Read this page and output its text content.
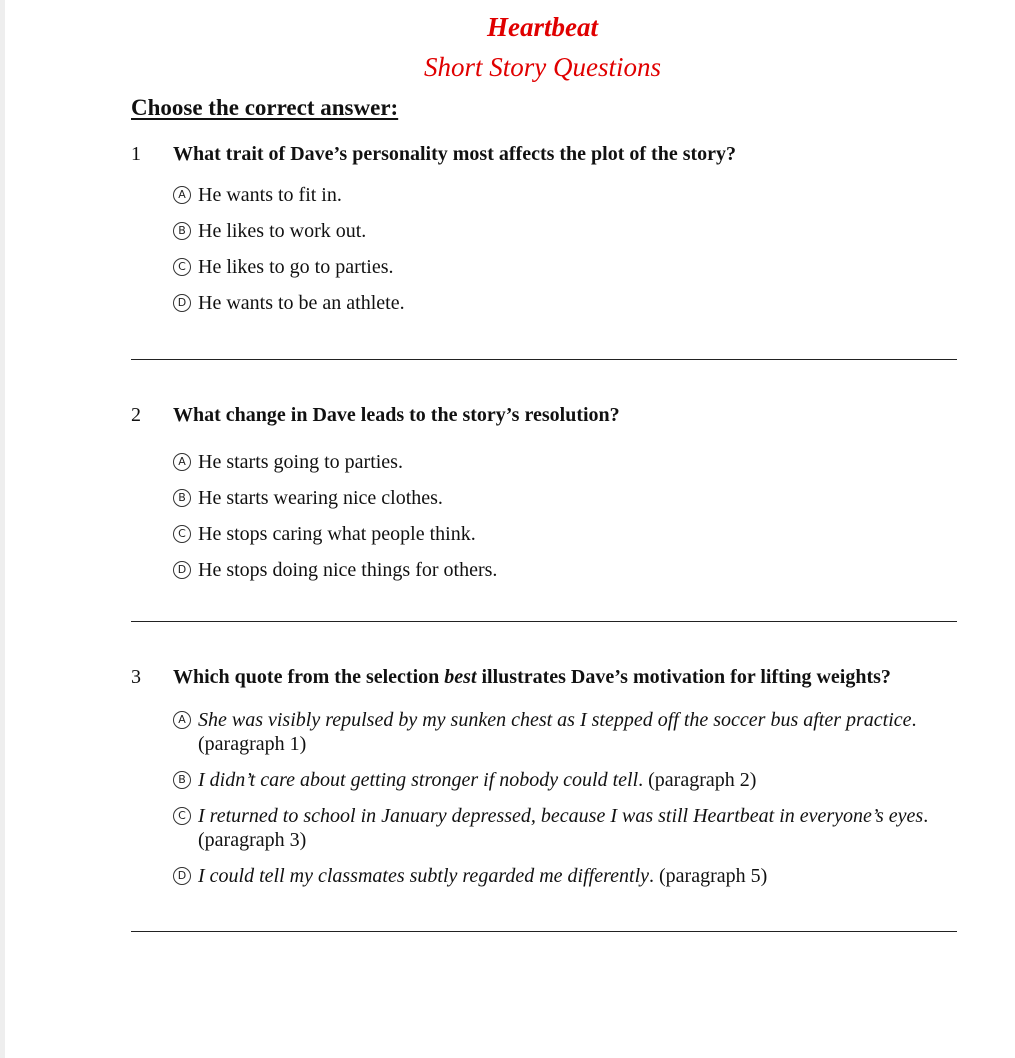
Heartbeat
Short Story Questions
Choose the correct answer:
1	What trait of Dave’s personality most affects the plot of the story?
A He wants to fit in.
B He likes to work out.
C He likes to go to parties.
D He wants to be an athlete.
2	What change in Dave leads to the story’s resolution?
A He starts going to parties.
B He starts wearing nice clothes.
C He stops caring what people think.
D He stops doing nice things for others.
3	Which quote from the selection best illustrates Dave’s motivation for lifting weights?
A She was visibly repulsed by my sunken chest as I stepped off the soccer bus after practice. (paragraph 1)
B I didn’t care about getting stronger if nobody could tell. (paragraph 2)
C I returned to school in January depressed, because I was still Heartbeat in everyone’s eyes. (paragraph 3)
D I could tell my classmates subtly regarded me differently. (paragraph 5)
